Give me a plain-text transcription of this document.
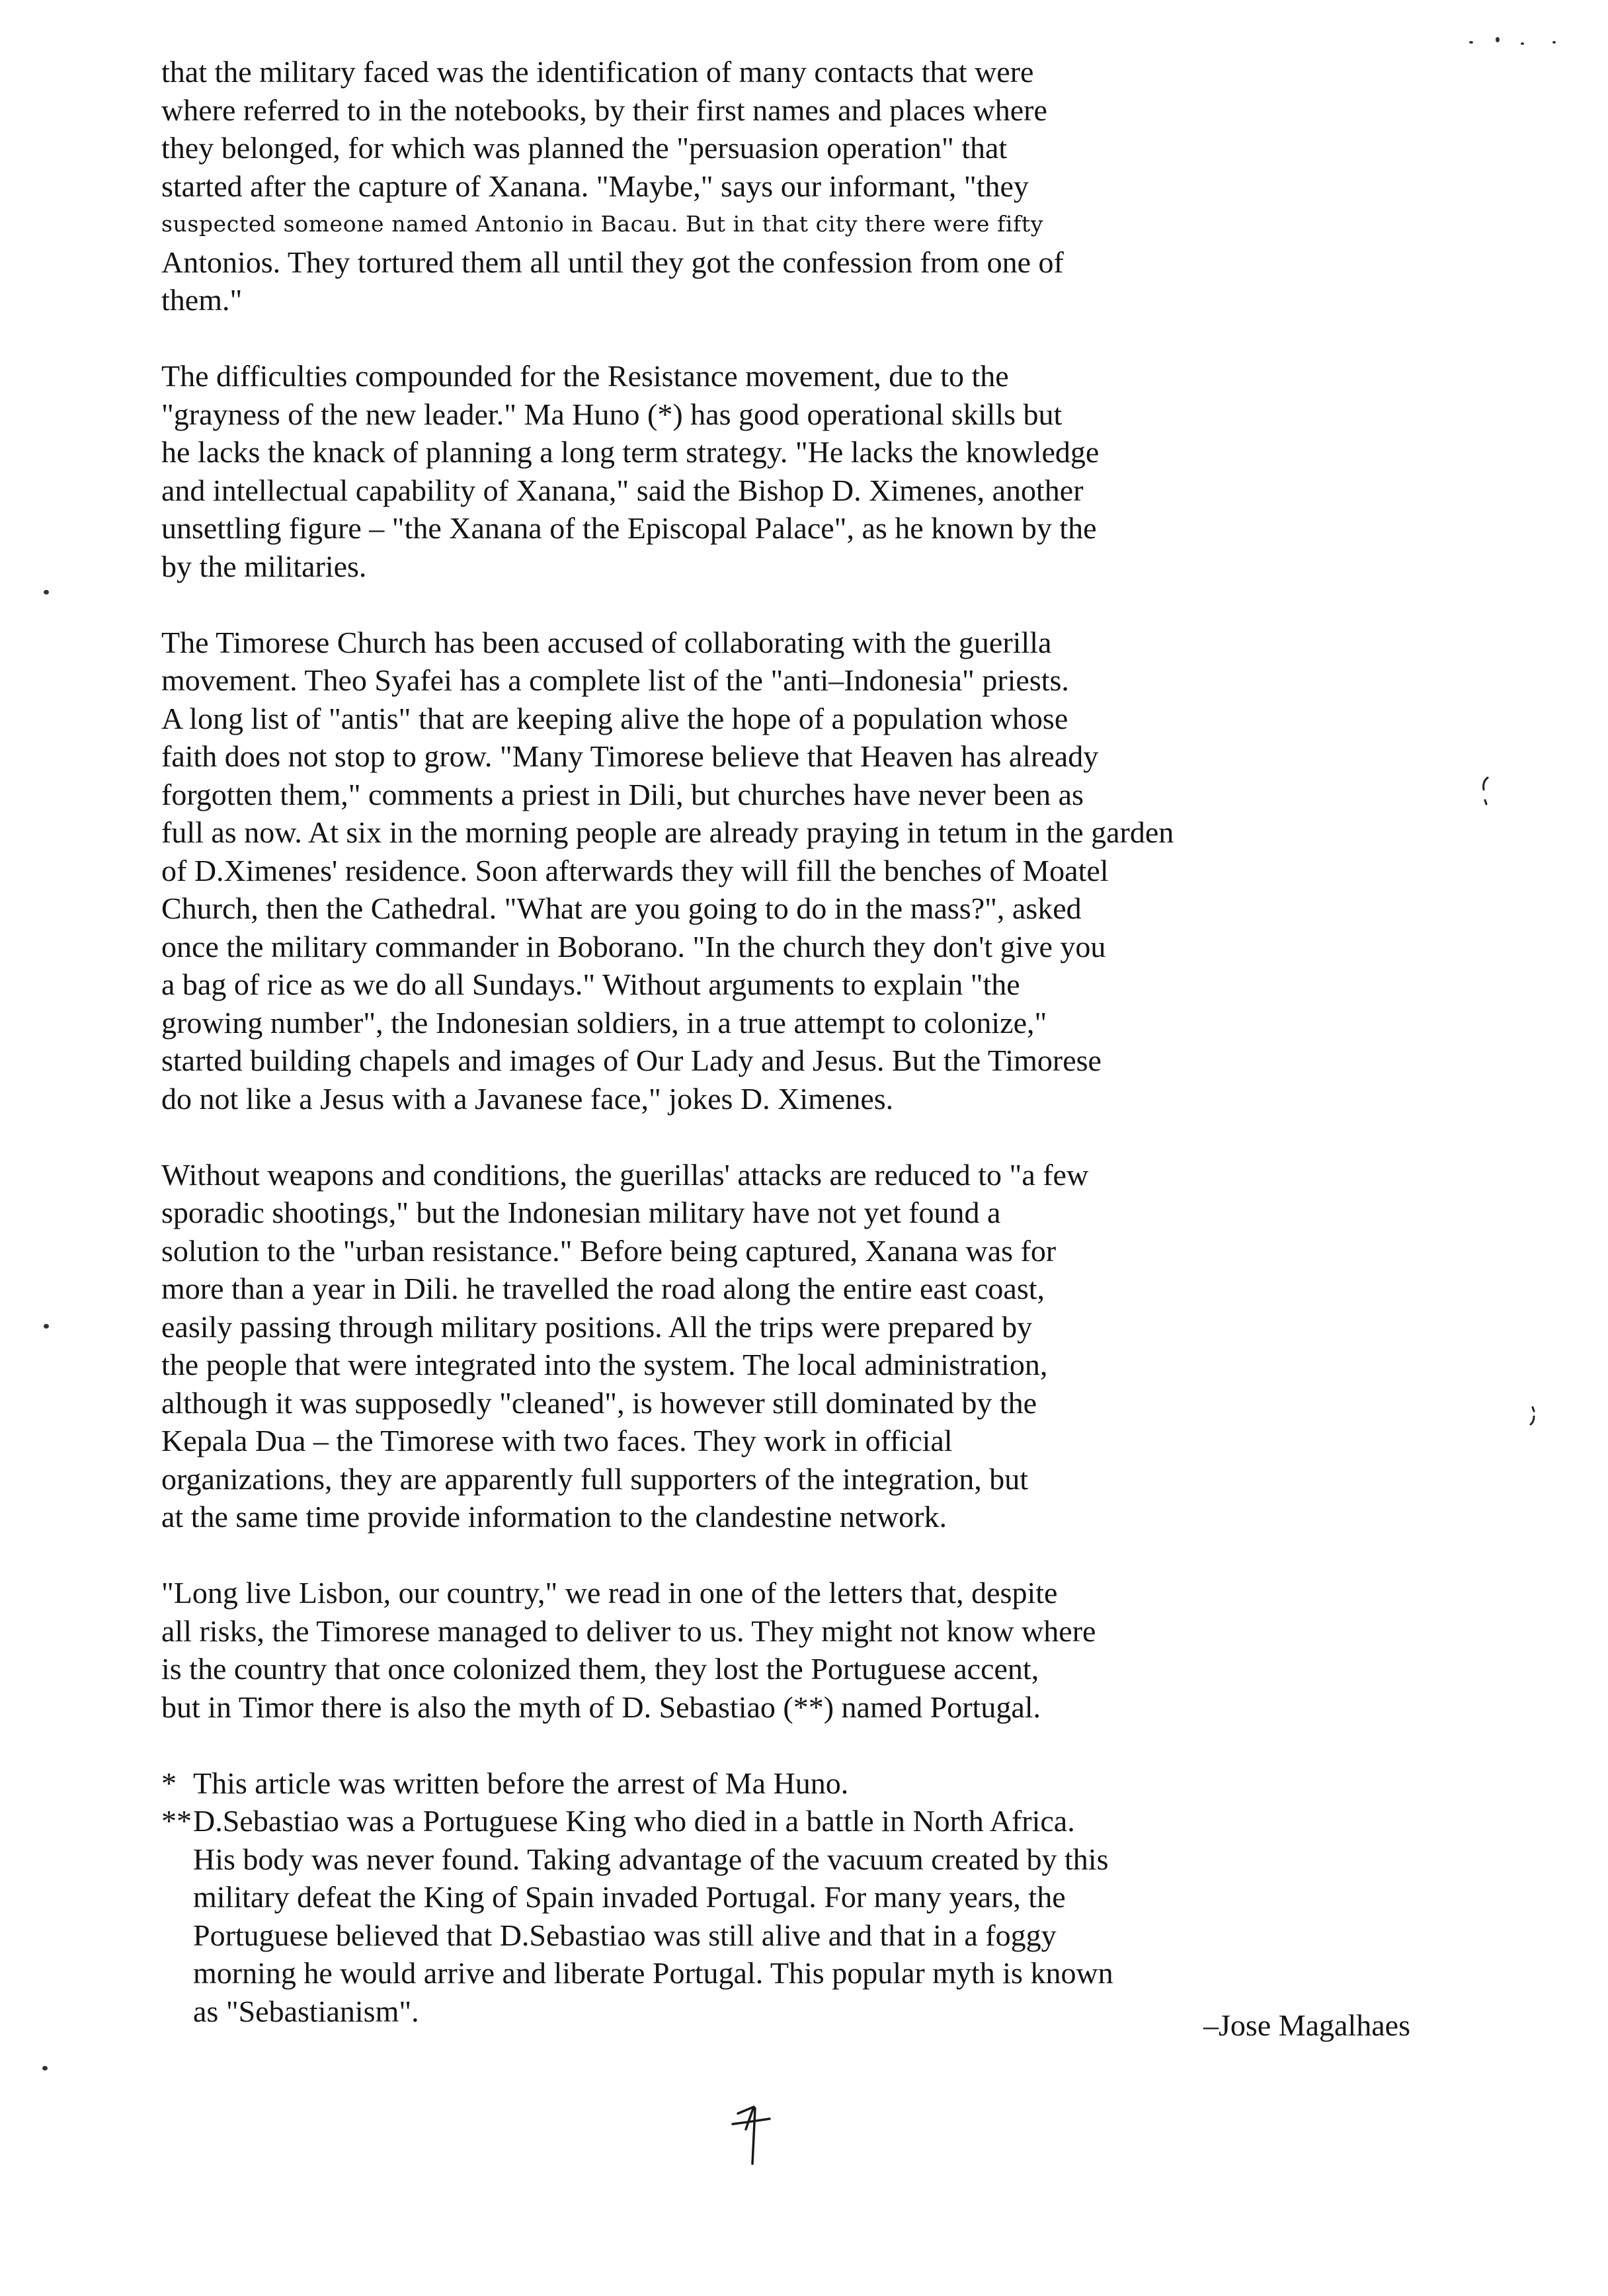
that the military faced was the identification of many contacts that were
where referred to in the notebooks, by their first names and places where
they belonged, for which was planned the "persuasion operation" that
started after the capture of Xanana. "Maybe," says our informant, "they
suspected someone named Antonio in Bacau. But in that city there were fifty
Antonios. They tortured them all until they got the confession from one of
them."
The difficulties compounded for the Resistance movement, due to the
"grayness of the new leader." Ma Huno (*) has good operational skills but
he lacks the knack of planning a long term strategy. "He lacks the knowledge
and intellectual capability of Xanana," said the Bishop D. Ximenes, another
unsettling figure – "the Xanana of the Episcopal Palace", as he known by the
by the militaries.
The Timorese Church has been accused of collaborating with the guerilla
movement. Theo Syafei has a complete list of the "anti–Indonesia" priests.
A long list of "antis" that are keeping alive the hope of a population whose
faith does not stop to grow. "Many Timorese believe that Heaven has already
forgotten them," comments a priest in Dili, but churches have never been as
full as now. At six in the morning people are already praying in tetum in the garden
of D.Ximenes' residence. Soon afterwards they will fill the benches of Moatel
Church, then the Cathedral. "What are you going to do in the mass?", asked
once the military commander in Boborano. "In the church they don't give you
a bag of rice as we do all Sundays." Without arguments to explain "the
growing number", the Indonesian soldiers, in a true attempt to colonize,"
started building chapels and images of Our Lady and Jesus. But the Timorese
do not like a Jesus with a Javanese face," jokes D. Ximenes.
Without weapons and conditions, the guerillas' attacks are reduced to "a few
sporadic shootings," but the Indonesian military have not yet found a
solution to the "urban resistance." Before being captured, Xanana was for
more than a year in Dili. he travelled the road along the entire east coast,
easily passing through military positions. All the trips were prepared by
the people that were integrated into the system. The local administration,
although it was supposedly "cleaned", is however still dominated by the
Kepala Dua – the Timorese with two faces. They work in official
organizations, they are apparently full supporters of the integration, but
at the same time provide information to the clandestine network.
"Long live Lisbon, our country," we read in one of the letters that, despite
all risks, the Timorese managed to deliver to us. They might not know where
is the country that once colonized them, they lost the Portuguese accent,
but in Timor there is also the myth of D. Sebastiao (**) named Portugal.
* This article was written before the arrest of Ma Huno.
**D.Sebastiao was a Portuguese King who died in a battle in North Africa.
His body was never found. Taking advantage of the vacuum created by this
military defeat the King of Spain invaded Portugal. For many years, the
Portuguese believed that D.Sebastiao was still alive and that in a foggy
morning he would arrive and liberate Portugal. This popular myth is known
as "Sebastianism".	–Jose Magalhaes
